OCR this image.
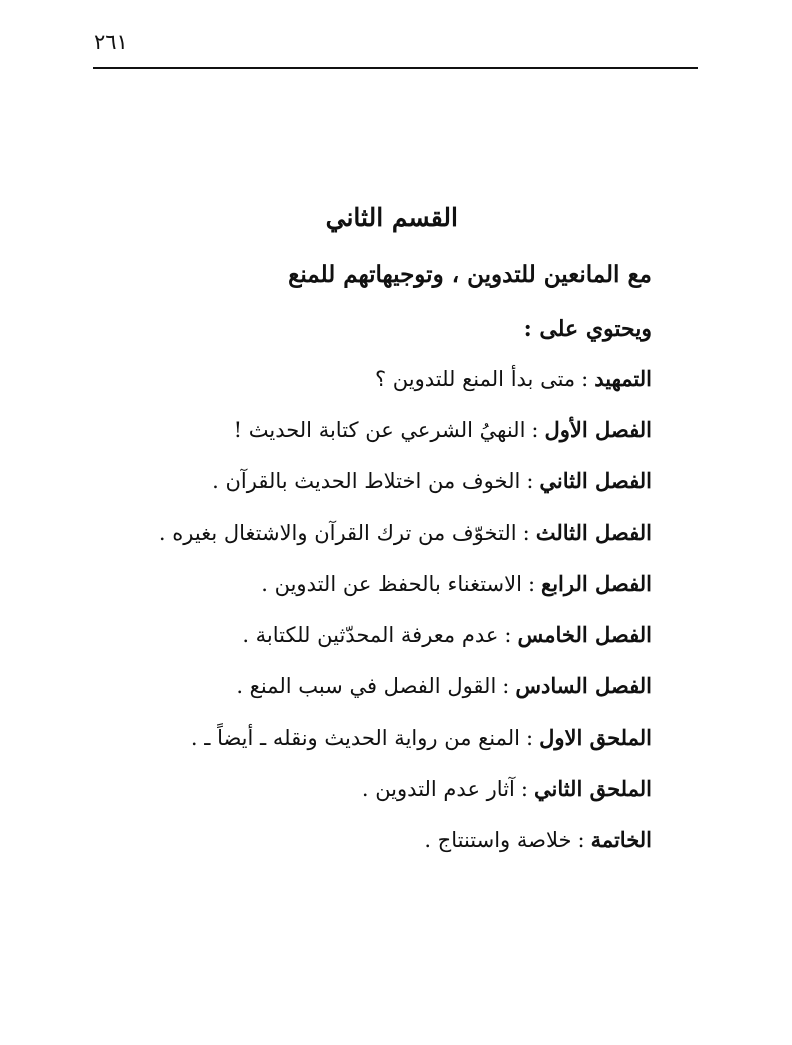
٢٦١
القسم الثاني
مع المانعين للتدوين ، وتوجيهاتهم للمنع
ويحتوي على :
التمهيد:متى بدأ المنع للتدوين ؟
الفصل الأول:النهيُ الشرعي عن كتابة الحديث !
الفصل الثاني:الخوف من اختلاط الحديث بالقرآن .
الفصل الثالث:التخوّف من ترك القرآن والاشتغال بغيره .
الفصل الرابع:الاستغناء بالحفظ عن التدوين .
الفصل الخامس:عدم معرفة المحدّثين للكتابة .
الفصل السادس:القول الفصل في سبب المنع .
الملحق الاول:المنع من رواية الحديث ونقله ـ أيضاً ـ .
الملحق الثاني:آثار عدم التدوين .
الخاتمة:خلاصة واستنتاج .
